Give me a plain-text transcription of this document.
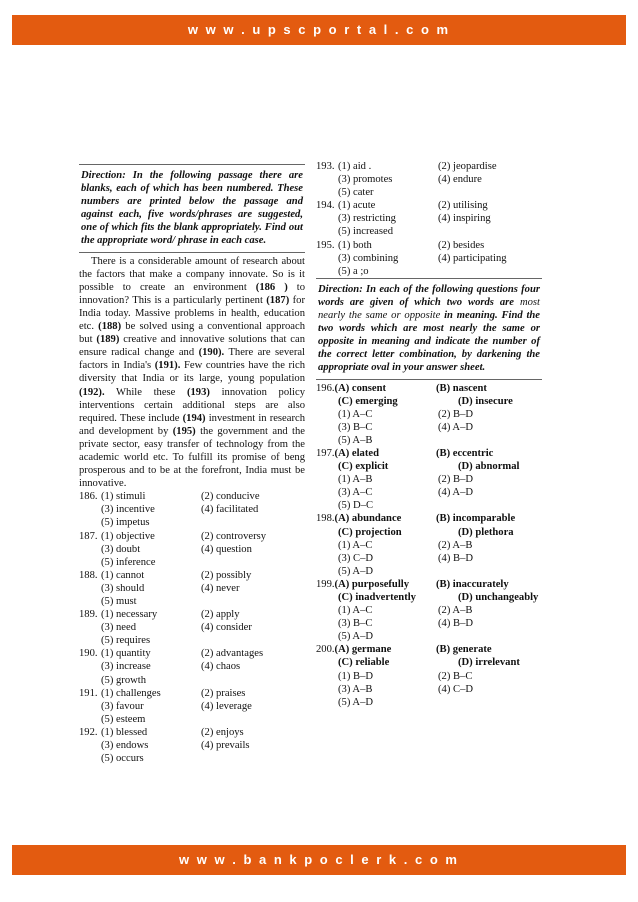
w w w . u p s c p o r t a l . c o m
Direction: In the following passage there are blanks, each of which has been numbered. These numbers are printed below the passage and against each, five words/phrases are suggested, one of which fits the blank appropriately. Find out the appropriate word/ phrase in each case.

There is a considerable amount of research about the factors that make a company innovate. So is it possible to create an environment (186 ) to innovation? This is a particularly pertinent (187) for India today. Massive problems in health, education etc. (188) be solved using a conventional approach but (189) creative and innovative solutions that can ensure radical change and (190). There are several factors in India's (191). Few countries have the rich diversity that India or its large, young population (192). While these (193) innovation policy interventions certain additional steps are also required. These include (194) investment in research and development by (195) the government and the private sector, easy transfer of technology from the academic world etc. To fulfill its promise of beng prosperous and to be at the forefront, India must be innovative.

186. (1) stimuli	(2) conducive
(3) incentive	(4) facilitated
(5) impetus
187. (1) objective	(2) controversy
(3) doubt	(4) question
(5) inference
188. (1) cannot	(2) possibly
(3) should	(4) never
(5) must
189. (1) necessary	(2) apply
(3) need	(4) consider
(5) requires
190. (1) quantity	(2) advantages
(3) increase	(4) chaos
(5) growth
191. (1) challenges	(2) praises
(3) favour	(4) leverage
(5) esteem
192. (1) blessed	(2) enjoys
(3) endows	(4) prevails
(5) occurs
193. (1) aid .	(2) jeopardise
(3) promotes	(4) endure
(5) cater
194. (1) acute	(2) utilising
(3) restricting	(4) inspiring
(5) increased
195. (1) both	(2) besides
(3) combining	(4) participating
(5) a ;o
Direction: In each of the following questions four words are given of which two words are most nearly the same or opposite in meaning. Find the two words which are most nearly the same or opposite in meaning and indicate the number of the correct letter combination, by darkening the appropriate oval in your answer sheet.
196.(A) consent	(B) nascent
(C) emerging	(D) insecure
(1) A–C	(2) B–D
(3) B–C	(4) A–D
(5) A–B
197.(A) elated	(B) eccentric
(C) explicit	(D) abnormal
(1) A–B	(2) B–D
(3) A–C	(4) A–D
(5) D–C
198.(A) abundance	(B) incomparable
(C) projection	(D) plethora
(1) A–C	(2) A–B
(3) C–D	(4) B–D
(5) A–D
199.(A) purposefully	(B) inaccurately
(C) inadvertently	(D) unchangeably
(1) A–C	(2) A–B
(3) B–C	(4) B–D
(5) A–D
200.(A) germane	(B) generate
(C) reliable	(D) irrelevant
(1) B–D	(2) B–C
(3) A–B	(4) C–D
(5) A–D
w w w . b a n k p o c l e r k . c o m
